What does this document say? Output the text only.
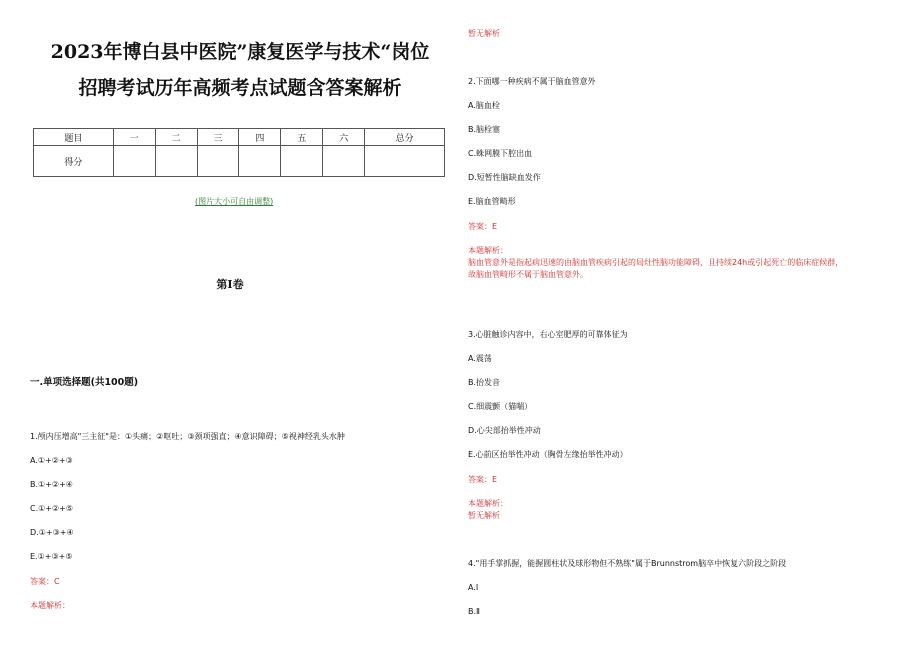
2023年博白县中医院”康复医学与技术“岗位
招聘考试历年高频考点试题含答案解析
题目	一	二	三	四	五	六	总分
得分							
(图片大小可自由调整)
第Ⅰ卷
一.单项选择题(共100题)
1.颅内压增高"三主征"是：①头痛；②呕吐；③颈项强直；④意识障碍；⑤视神经乳头水肿
A.①+②+③
B.①+②+④
C.①+②+⑤
D.①+③+④
E.①+③+⑤
答案：C
本题解析：
暂无解析
2.下面哪一种疾病不属于脑血管意外
A.脑血栓
B.脑栓塞
C.蛛网膜下腔出血
D.短暂性脑缺血发作
E.脑血管畸形
答案：E
本题解析：
脑血管意外是指起病迅速的由脑血管疾病引起的局灶性脑功能障碍，且持续24h或引起死亡的临床症候群，
故脑血管畸形不属于脑血管意外。
3.心脏触诊内容中，右心室肥厚的可靠体征为
A.震荡
B.抬发音
C.细震颤（猫喘）
D.心尖部抬举性冲动
E.心前区抬举性冲动（胸骨左缘抬举性冲动）
答案：E
本题解析：
暂无解析
4."用手掌抓握，能握圆柱状及球形物但不熟练"属于Brunnstrom脑卒中恢复六阶段之阶段
A.Ⅰ
B.Ⅱ
